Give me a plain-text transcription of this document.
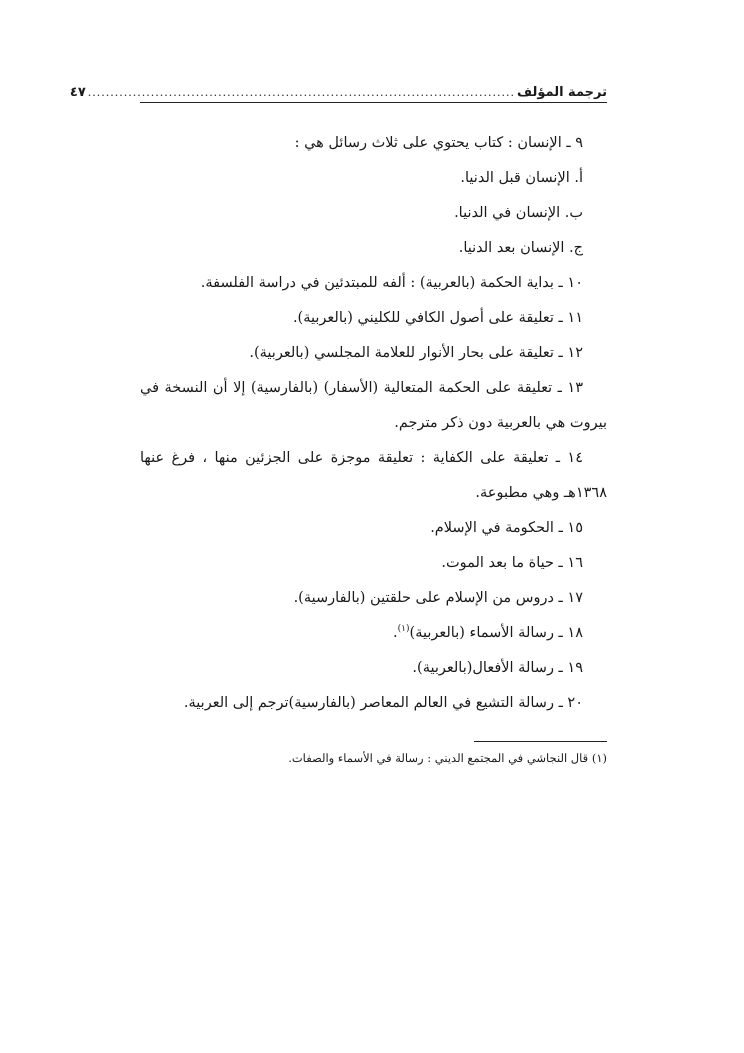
ترجمة المؤلف
...............................................................................................
٤٧
٩ ـ الإنسان : كتاب يحتوي على ثلاث رسائل هي :
أ. الإنسان قبل الدنيا.
ب. الإنسان في الدنيا.
ج. الإنسان بعد الدنيا.
١٠ ـ بداية الحكمة (بالعربية) : ألفه للمبتدئين في دراسة الفلسفة.
١١ ـ تعليقة على أصول الكافي للكليني (بالعربية).
١٢ ـ تعليقة على بحار الأنوار للعلامة المجلسي (بالعربية).
١٣ ـ تعليقة على الحكمة المتعالية (الأسفار) (بالفارسية) إلا أن النسخة في
بيروت هي بالعربية دون ذكر مترجم.
١٤ ـ تعليقة على الكفاية : تعليقة موجزة على الجزئين منها ، فرغ عنها
١٣٦٨هـ وهي مطبوعة.
١٥ ـ الحكومة في الإسلام.
١٦ ـ حياة ما بعد الموت.
١٧ ـ دروس من الإسلام على حلقتين (بالفارسية).
١٨ ـ رسالة الأسماء (بالعربية)$^{(١)}$.
١٩ ـ رسالة الأفعال(بالعربية).
٢٠ ـ رسالة التشيع في العالم المعاصر (بالفارسية)ترجم إلى العربية.
(١) قال النجاشي في المجتمع الديني : رسالة في الأسماء والصفات.
